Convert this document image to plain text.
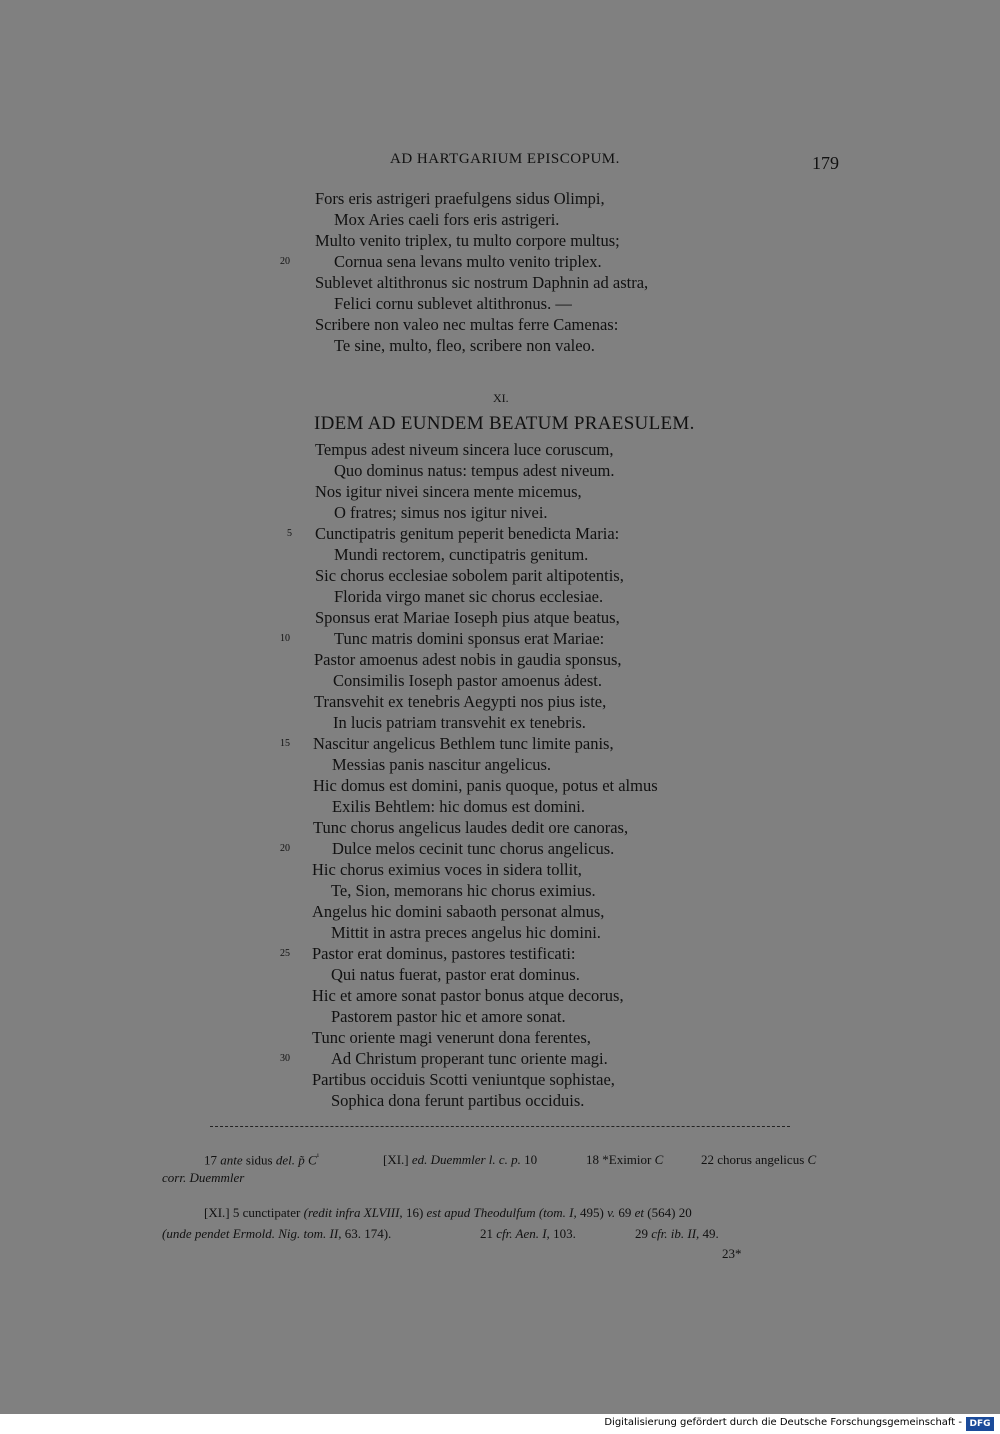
AD HARTGARIUM EPISCOPUM.	179
Fors eris astrigeri praefulgens sidus Olimpi,
Mox Aries caeli fors eris astrigeri.
Multo venito triplex, tu multo corpore multus;
Cornua sena levans multo venito triplex.
Sublevet altithronus sic nostrum Daphnin ad astra,
Felici cornu sublevet altithronus. —
Scribere non valeo nec multas ferre Camenas:
Te sine, multo, fleo, scribere non valeo.
20
XI.
IDEM AD EUNDEM BEATUM PRAESULEM.
Tempus adest niveum sincera luce coruscum,
Quo dominus natus: tempus adest niveum.
Nos igitur nivei sincera mente micemus,
O fratres; simus nos igitur nivei.
Cunctipatris genitum peperit benedicta Maria:
Mundi rectorem, cunctipatris genitum.
Sic chorus ecclesiae sobolem parit altipotentis,
Florida virgo manet sic chorus ecclesiae.
Sponsus erat Mariae Ioseph pius atque beatus,
Tunc matris domini sponsus erat Mariae:
Pastor amoenus adest nobis in gaudia sponsus,
Consimilis Ioseph pastor amoenus ȧdest.
Transvehit ex tenebris Aegypti nos pius iste,
In lucis patriam transvehit ex tenebris.
Nascitur angelicus Bethlem tunc limite panis,
Messias panis nascitur angelicus.
Hic domus est domini, panis quoque, potus et almus
Exilis Behtlem: hic domus est domini.
Tunc chorus angelicus laudes dedit ore canoras,
Dulce melos cecinit tunc chorus angelicus.
Hic chorus eximius voces in sidera tollit,
Te, Sion, memorans hic chorus eximius.
Angelus hic domini sabaoth personat almus,
Mittit in astra preces angelus hic domini.
Pastor erat dominus, pastores testificati:
Qui natus fuerat, pastor erat dominus.
Hic et amore sonat pastor bonus atque decorus,
Pastorem pastor hic et amore sonat.
Tunc oriente magi venerunt dona ferentes,
Ad Christum properant tunc oriente magi.
Partibus occiduis Scotti veniuntque sophistae,
Sophica dona ferunt partibus occiduis.
5
10
15
20
25
30
17 ante sidus del. p̃ $C^{^1}$	[XI.] ed. Duemmler l. c. p. 10	18 *Eximior C	22 chorus angelicus C
corr. Duemmler
[XI.] 5 cunctipater (redit infra XLVIII, 16) est apud Theodulfum (tom. I, 495) v. 69 et (564) 20
(unde pendet Ermold. Nig. tom. II, 63. 174).	21 cfr. Aen. I, 103.	29 cfr. ib. II, 49.
23*
Digitalisierung gefördert durch die Deutsche Forschungsgemeinschaft - DFG
